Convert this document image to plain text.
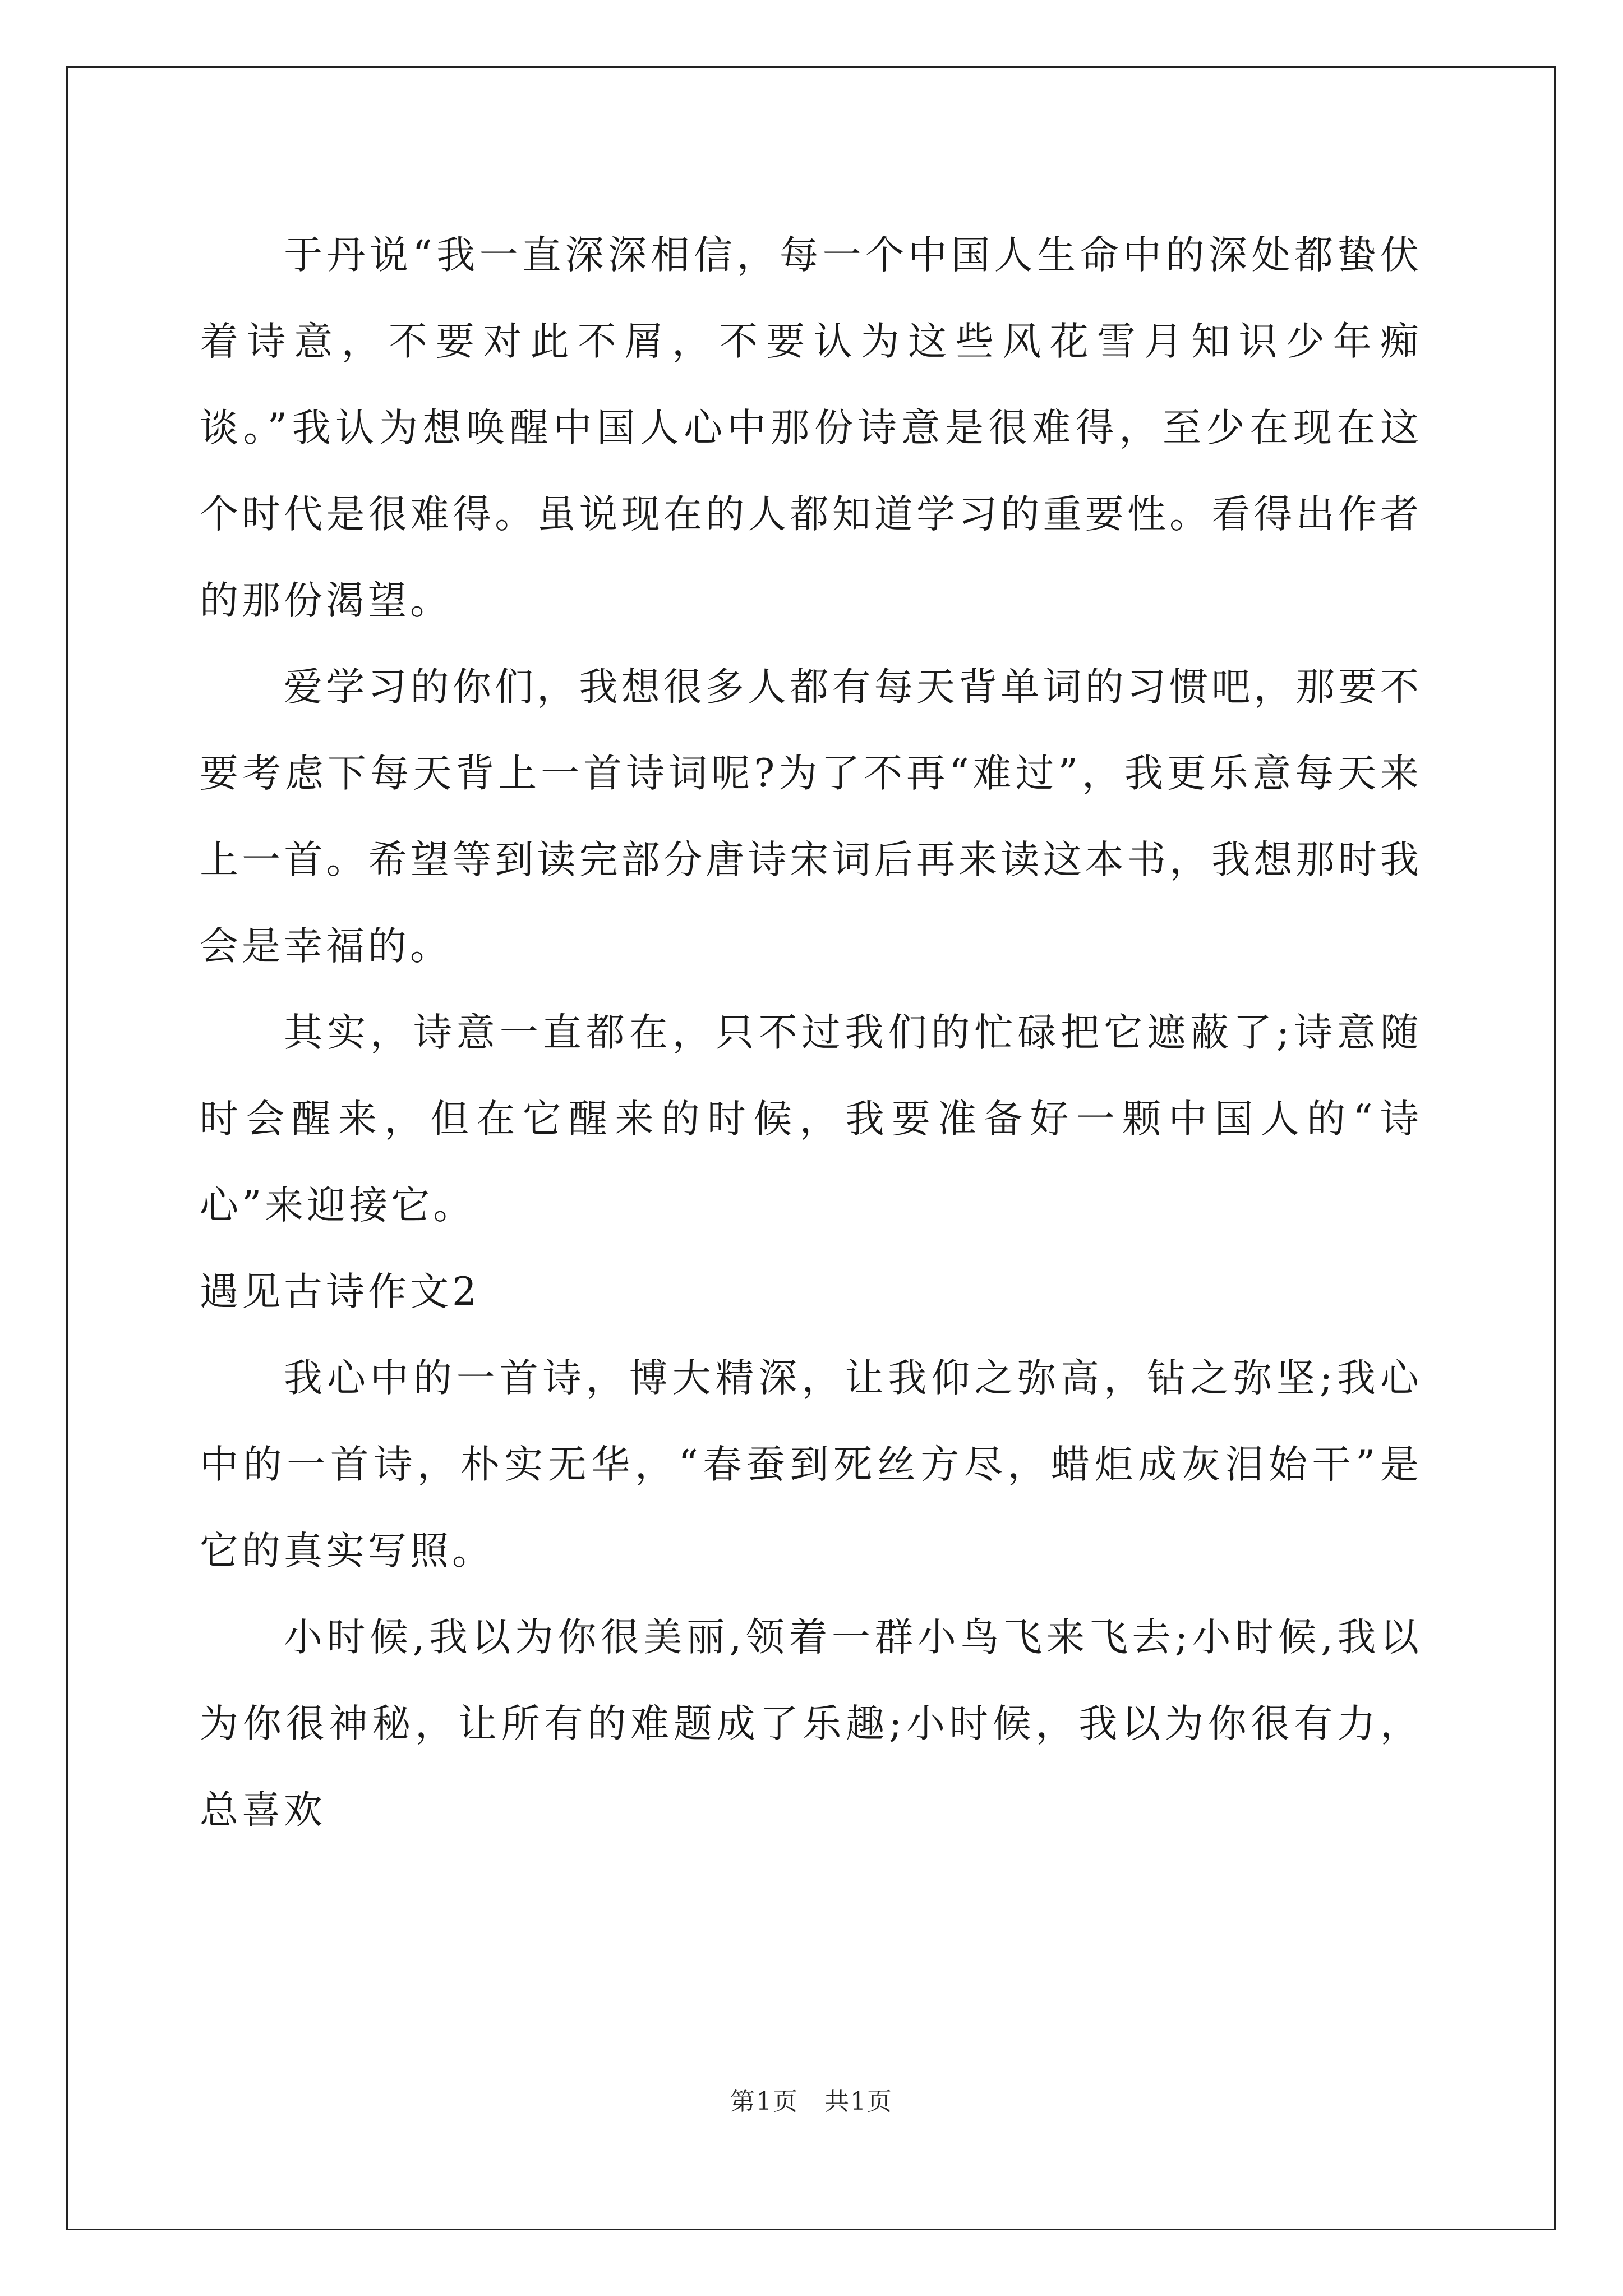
于丹说“我一直深深相信，每一个中国人生命中的深处都蛰伏着诗意，不要对此不屑，不要认为这些风花雪月知识少年痴谈。”我认为想唤醒中国人心中那份诗意是很难得，至少在现在这个时代是很难得。虽说现在的人都知道学习的重要性。看得出作者的那份渴望。

爱学习的你们，我想很多人都有每天背单词的习惯吧，那要不要考虑下每天背上一首诗词呢?为了不再“难过”，我更乐意每天来上一首。希望等到读完部分唐诗宋词后再来读这本书，我想那时我会是幸福的。

其实，诗意一直都在，只不过我们的忙碌把它遮蔽了;诗意随时会醒来，但在它醒来的时候，我要准备好一颗中国人的“诗心”来迎接它。

遇见古诗作文2

我心中的一首诗，博大精深，让我仰之弥高，钻之弥坚;我心中的一首诗，朴实无华，“春蚕到死丝方尽，蜡炬成灰泪始干”是它的真实写照。

小时候,我以为你很美丽,领着一群小鸟飞来飞去;小时候,我以为你很神秘，让所有的难题成了乐趣;小时候，我以为你很有力，总喜欢

第1页　共1页
